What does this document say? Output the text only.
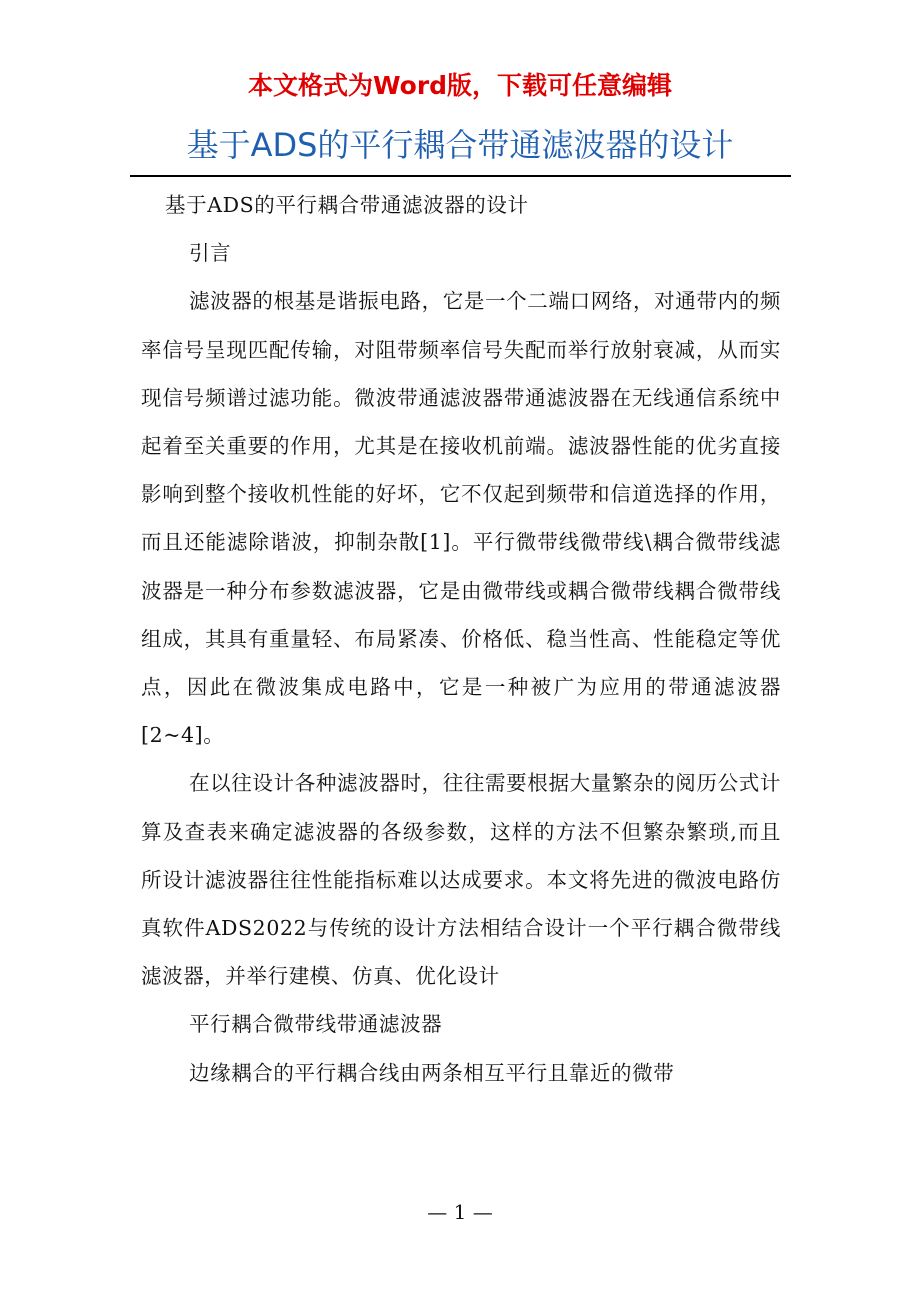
本文格式为Word版，下载可任意编辑
基于ADS的平行耦合带通滤波器的设计

基于ADS的平行耦合带通滤波器的设计

引言

滤波器的根基是谐振电路，它是一个二端口网络，对通带内的频率信号呈现匹配传输，对阻带频率信号失配而举行放射衰减，从而实现信号频谱过滤功能。微波带通滤波器带通滤波器在无线通信系统中起着至关重要的作用，尤其是在接收机前端。滤波器性能的优劣直接影响到整个接收机性能的好坏，它不仅起到频带和信道选择的作用，而且还能滤除谐波，抑制杂散[1]。平行微带线微带线\耦合微带线滤波器是一种分布参数滤波器，它是由微带线或耦合微带线耦合微带线组成，其具有重量轻、布局紧凑、价格低、稳当性高、性能稳定等优点，因此在微波集成电路中，它是一种被广为应用的带通滤波器[2~4]。

在以往设计各种滤波器时，往往需要根据大量繁杂的阅历公式计算及查表来确定滤波器的各级参数，这样的方法不但繁杂繁琐,而且所设计滤波器往往性能指标难以达成要求。本文将先进的微波电路仿真软件ADS2022与传统的设计方法相结合设计一个平行耦合微带线滤波器，并举行建模、仿真、优化设计

平行耦合微带线带通滤波器

边缘耦合的平行耦合线由两条相互平行且靠近的微带

— 1 —
